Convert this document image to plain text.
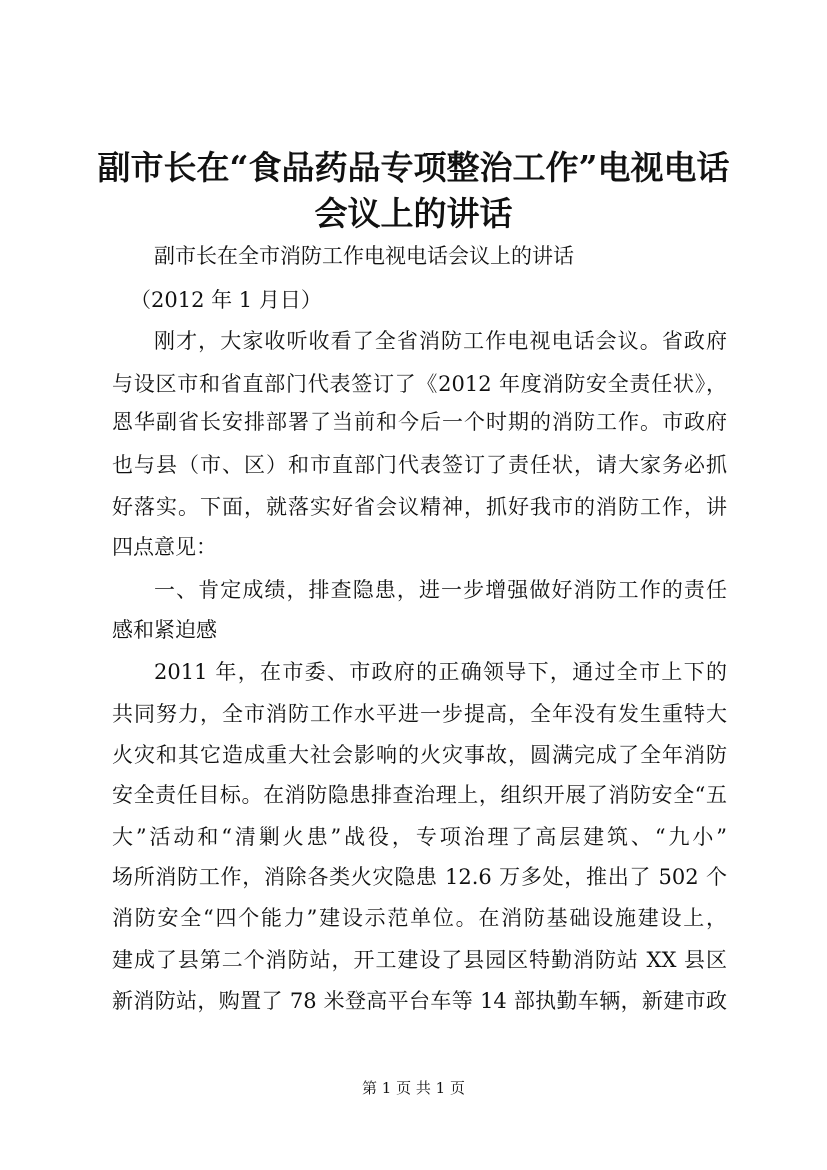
副市长在“食品药品专项整治工作”电视电话
会议上的讲话

副市长在全市消防工作电视电话会议上的讲话

（2012 年 1 月日）

刚才，大家收听收看了全省消防工作电视电话会议。省政府

与设区市和省直部门代表签订了《2012 年度消防安全责任状》，

恩华副省长安排部署了当前和今后一个时期的消防工作。市政府

也与县（市、区）和市直部门代表签订了责任状，请大家务必抓

好落实。下面，就落实好省会议精神，抓好我市的消防工作，讲

四点意见：

一、肯定成绩，排查隐患，进一步增强做好消防工作的责任

感和紧迫感

2011 年，在市委、市政府的正确领导下，通过全市上下的

共同努力，全市消防工作水平进一步提高，全年没有发生重特大

火灾和其它造成重大社会影响的火灾事故，圆满完成了全年消防

安全责任目标。在消防隐患排查治理上，组织开展了消防安全“五

大”活动和“清剿火患”战役，专项治理了高层建筑、“九小”

场所消防工作，消除各类火灾隐患 12.6 万多处，推出了 502 个

消防安全“四个能力”建设示范单位。在消防基础设施建设上，

建成了县第二个消防站，开工建设了县园区特勤消防站 XX 县区

新消防站，购置了 78 米登高平台车等 14 部执勤车辆，新建市政

第 1 页 共 1 页
